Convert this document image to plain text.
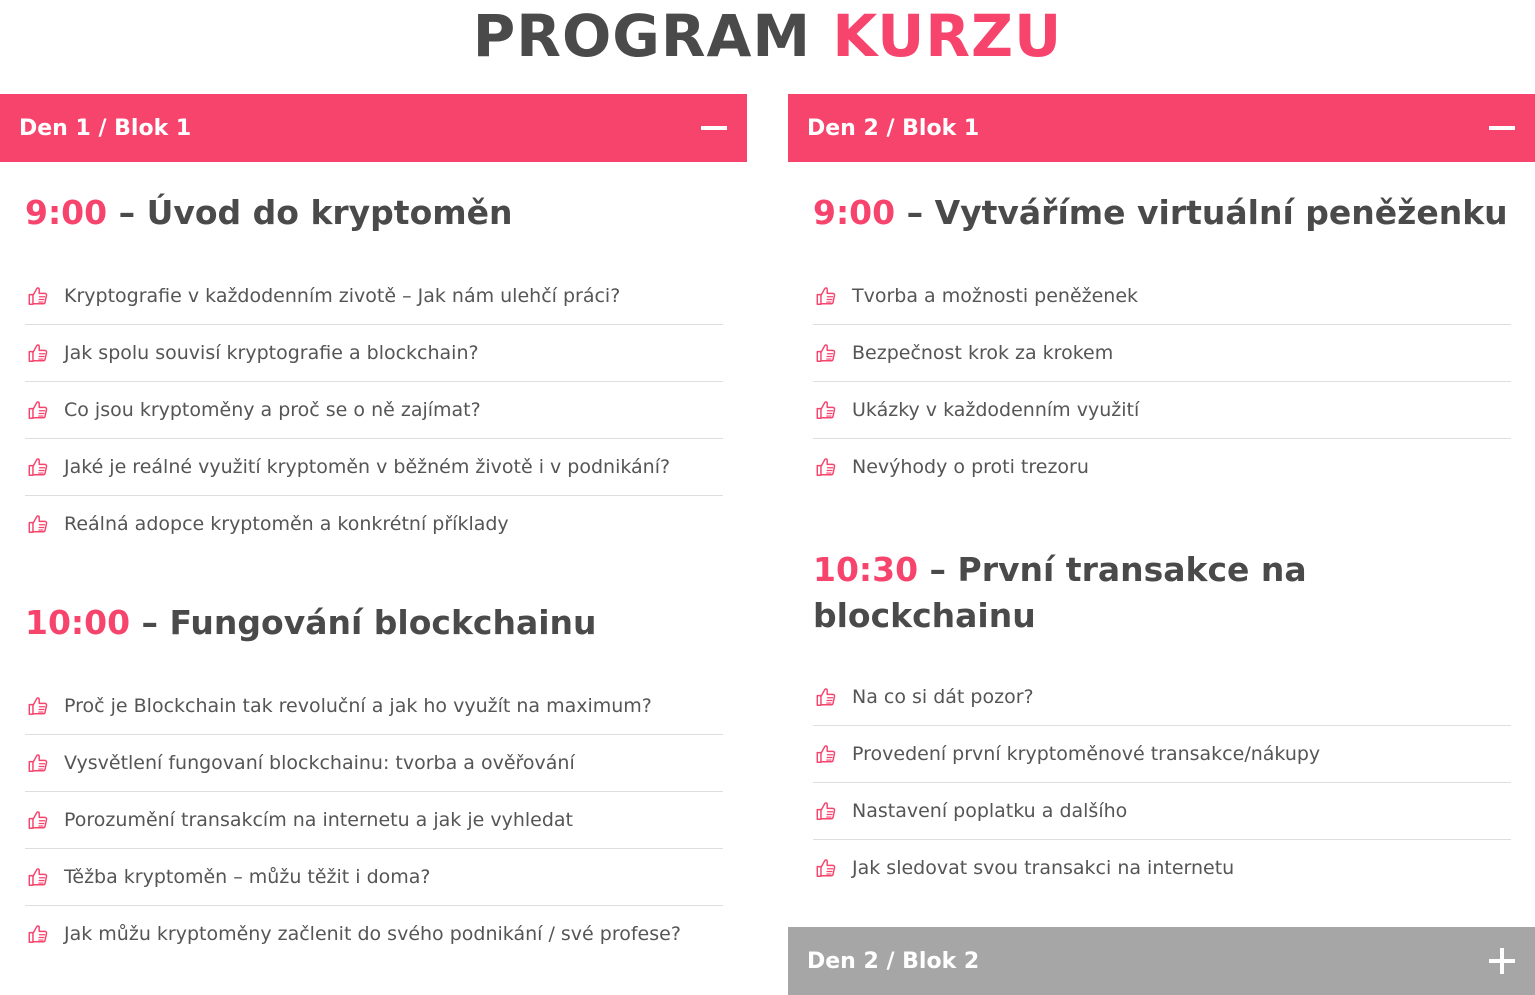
PROGRAM KURZU
Den 1 / Blok 1
9:00 – Úvod do kryptoměn
Kryptografie v každodenním zivotě – Jak nám ulehčí práci?
Jak spolu souvisí kryptografie a blockchain?
Co jsou kryptoměny a proč se o ně zajímat?
Jaké je reálné využití kryptoměn v běžném životě i v podnikání?
Reálná adopce kryptoměn a konkrétní příklady
10:00 – Fungování blockchainu
Proč je Blockchain tak revoluční a jak ho využít na maximum?
Vysvětlení fungovaní blockchainu: tvorba a ověřování
Porozumění transakcím na internetu a jak je vyhledat
Těžba kryptoměn – můžu těžit i doma?
Jak můžu kryptoměny začlenit do svého podnikání / své profese?
Den 2 / Blok 1
9:00 – Vytváříme virtuální peněženku
Tvorba a možnosti peněženek
Bezpečnost krok za krokem
Ukázky v každodenním využití
Nevýhody o proti trezoru
10:30 – První transakce na blockchainu
Na co si dát pozor?
Provedení první kryptoměnové transakce/nákupy
Nastavení poplatku a dalšího
Jak sledovat svou transakci na internetu
Den 2 / Blok 2
